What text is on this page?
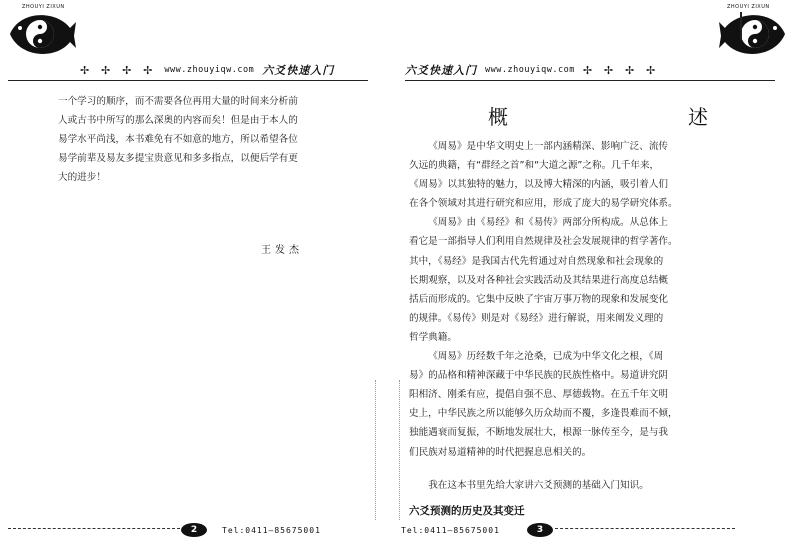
ZHOUYI ZIXUN
✢ ✢ ✢ ✢ www.zhouyiqw.com 六爻快速入门

一个学习的顺序，而不需要各位再用大量的时间来分析前

人或古书中所写的那么深奥的内容而矣！但是由于本人的

易学水平尚浅，本书难免有不如意的地方，所以希望各位

易学前辈及易友多提宝贵意见和多多指点，以便后学有更

大的进步！

王发杰
2	Tel:0411—85675001
ZHOUYI ZIXUN
六爻快速入门 www.zhouyiqw.com ✢ ✢ ✢ ✢
概	述

《周易》是中华文明史上一部内涵精深、影响广泛、流传

久远的典籍，有“群经之首”和“大道之源”之称。几千年来，

《周易》以其独特的魅力，以及博大精深的内涵，吸引着人们

在各个领域对其进行研究和应用，形成了庞大的易学研究体系。

《周易》由《易经》和《易传》两部分所构成。从总体上

看它是一部指导人们利用自然规律及社会发展规律的哲学著作。

其中，《易经》是我国古代先哲通过对自然现象和社会现象的

长期观察，以及对各种社会实践活动及其结果进行高度总结概

括后而形成的。它集中反映了宇宙万事万物的现象和发展变化

的规律。《易传》则是对《易经》进行解说，用来阐发义理的

哲学典籍。

《周易》历经数千年之沧桑，已成为中华文化之根，《周

易》的品格和精神深藏于中华民族的民族性格中。易道讲究阴

阳相济、刚柔有应，提倡自强不息、厚德载物。在五千年文明

史上，中华民族之所以能够久历众劫而不覆，多逢畏难而不倾，

独能遇衰而复振，不断地发展壮大，根源一脉传至今，是与我

们民族对易道精神的时代把握息息相关的。

我在这本书里先给大家讲六爻预测的基础入门知识。

六爻预测的历史及其变迁
Tel:0411—85675001	3
